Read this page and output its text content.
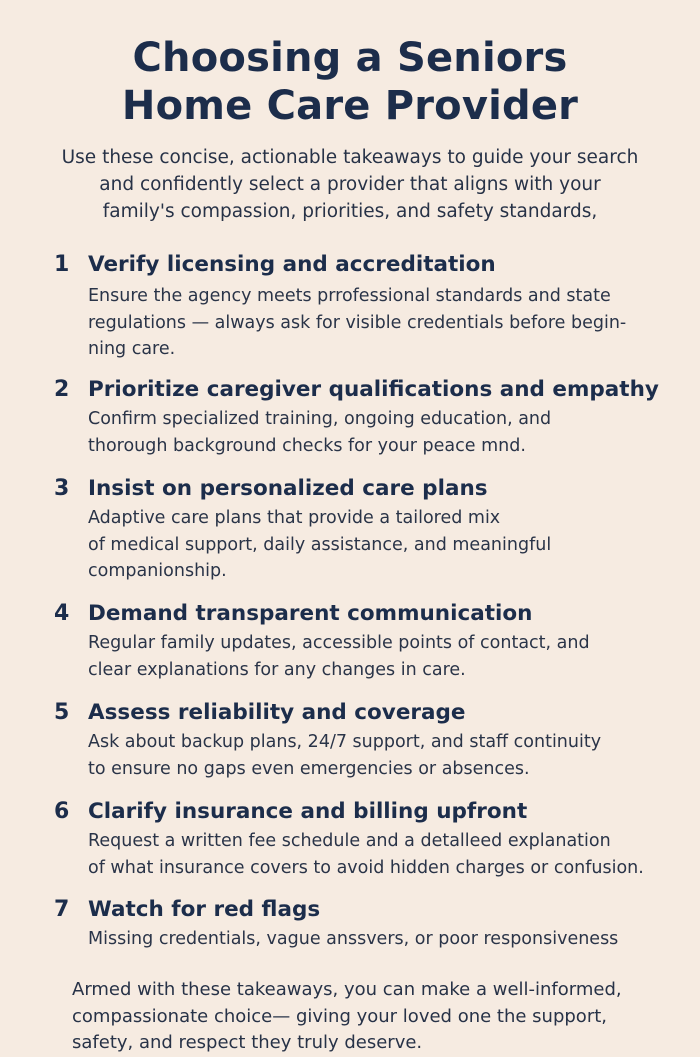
Choosing a Seniors
Home Care Provider
Use these concise, actionable takeaways to guide your search
and confidently select a provider that aligns with your
family's compassion, priorities, and safety standards,
1 Verify licensing and accreditation
Ensure the agency meets prrofessional standards and state
regulations — always ask for visible credentials before begin-
ning care.
2 Prioritize caregiver qualifications and empathy
Confirm specialized training, ongoing education, and
thorough background checks for your peace mnd.
3 Insist on personalized care plans
Adaptive care plans that provide a tailored mix
of medical support, daily assistance, and meaningful
companionship.
4 Demand transparent communication
Regular family updates, accessible points of contact, and
clear explanations for any changes in care.
5 Assess reliability and coverage
Ask about backup plans, 24/7 support, and staff continuity
to ensure no gaps even emergencies or absences.
6 Clarify insurance and billing upfront
Request a written fee schedule and a detalleed explanation
of what insurance covers to avoid hidden charges or confusion.
7 Watch for red flags
Missing credentials, vague anssvers, or poor responsiveness
Armed with these takeaways, you can make a well-informed,
compassionate choice— giving your loved one the support,
safety, and respect they truly deserve.
